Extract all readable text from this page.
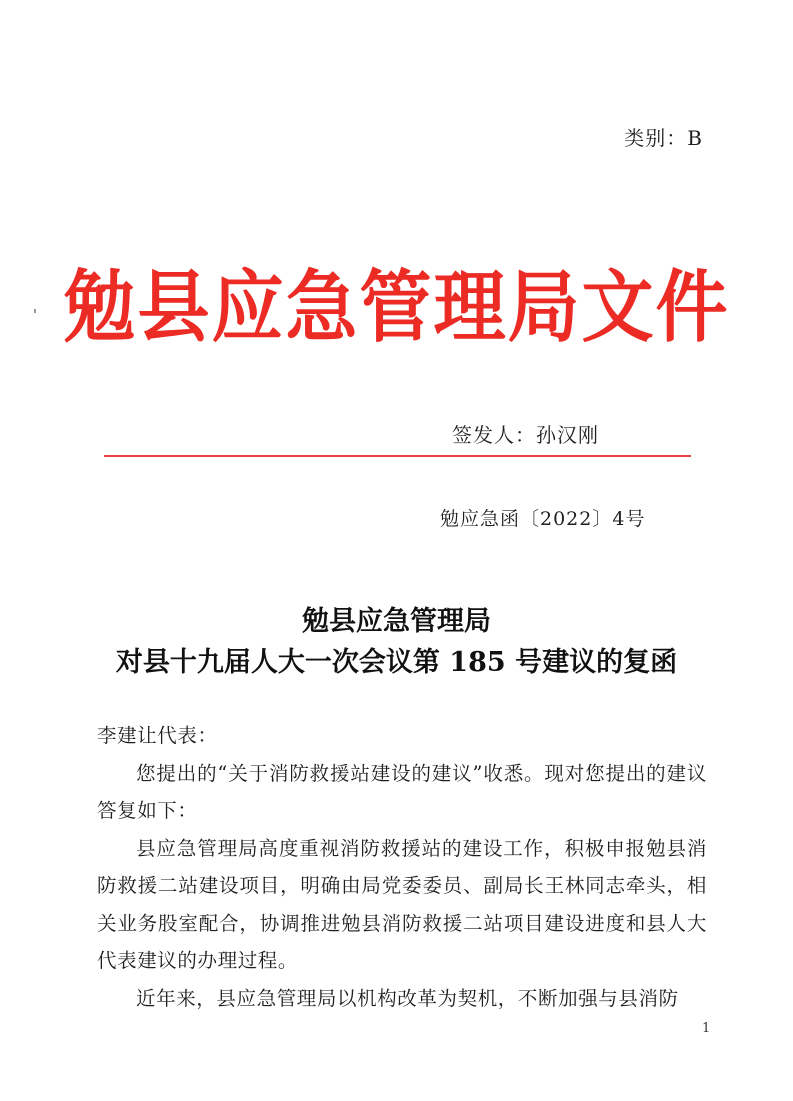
类别：B
勉县应急管理局文件
签发人：孙汉刚
勉应急函〔2022〕4号
勉县应急管理局
对县十九届人大一次会议第 185 号建议的复函

李建让代表：

您提出的“关于消防救援站建设的建议”收悉。现对您提出的建议答复如下：

县应急管理局高度重视消防救援站的建设工作，积极申报勉县消防救援二站建设项目，明确由局党委委员、副局长王林同志牵头，相关业务股室配合，协调推进勉县消防救援二站项目建设进度和县人大代表建议的办理过程。

近年来，县应急管理局以机构改革为契机，不断加强与县消防

1
